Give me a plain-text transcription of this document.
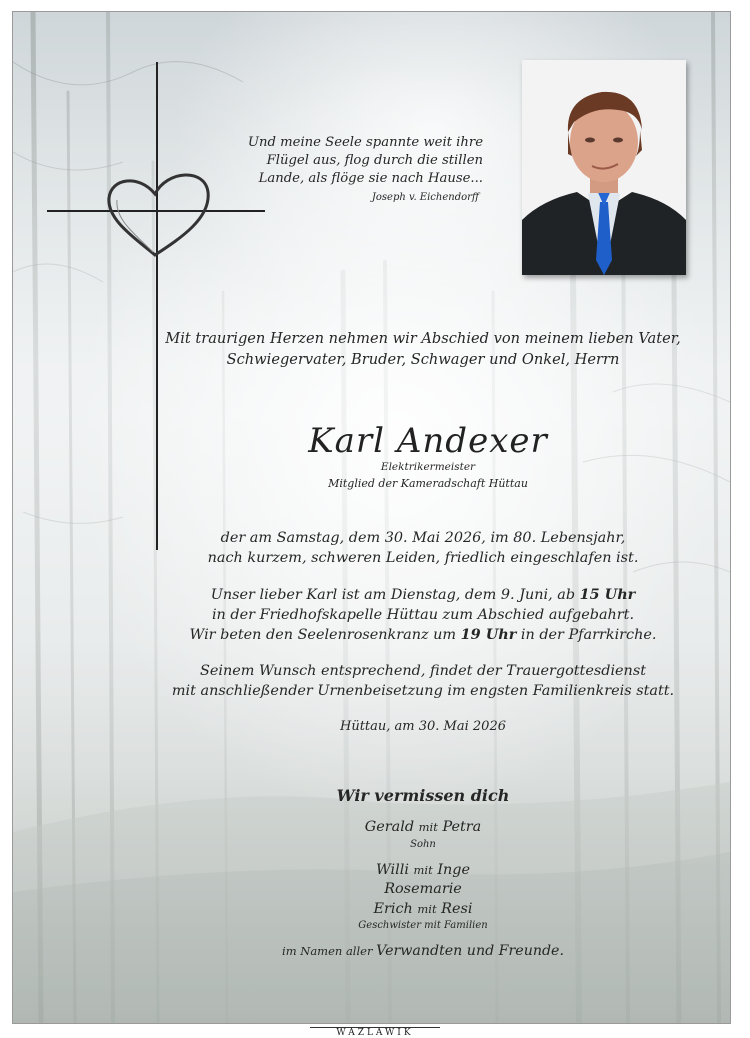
Und meine Seele spannte weit ihre
Flügel aus, flog durch die stillen
Lande, als flöge sie nach Hause...
Joseph v. Eichendorff
Mit traurigen Herzen nehmen wir Abschied von meinem lieben Vater,
Schwiegervater, Bruder, Schwager und Onkel, Herrn
Karl Andexer
Elektrikermeister
Mitglied der Kameradschaft Hüttau
der am Samstag, dem 30. Mai 2026, im 80. Lebensjahr,
nach kurzem, schweren Leiden, friedlich eingeschlafen ist.
Unser lieber Karl ist am Dienstag, dem 9. Juni, ab 15 Uhr
in der Friedhofskapelle Hüttau zum Abschied aufgebahrt.
Wir beten den Seelenrosenkranz um 19 Uhr in der Pfarrkirche.
Seinem Wunsch entsprechend, findet der Trauergottesdienst
mit anschließender Urnenbeisetzung im engsten Familienkreis statt.
Hüttau, am 30. Mai 2026
Wir vermissen dich
Gerald mit Petra
Sohn
Willi mit Inge
Rosemarie
Erich mit Resi
Geschwister mit Familien
im Namen aller Verwandten und Freunde.
WAZLAWIK
